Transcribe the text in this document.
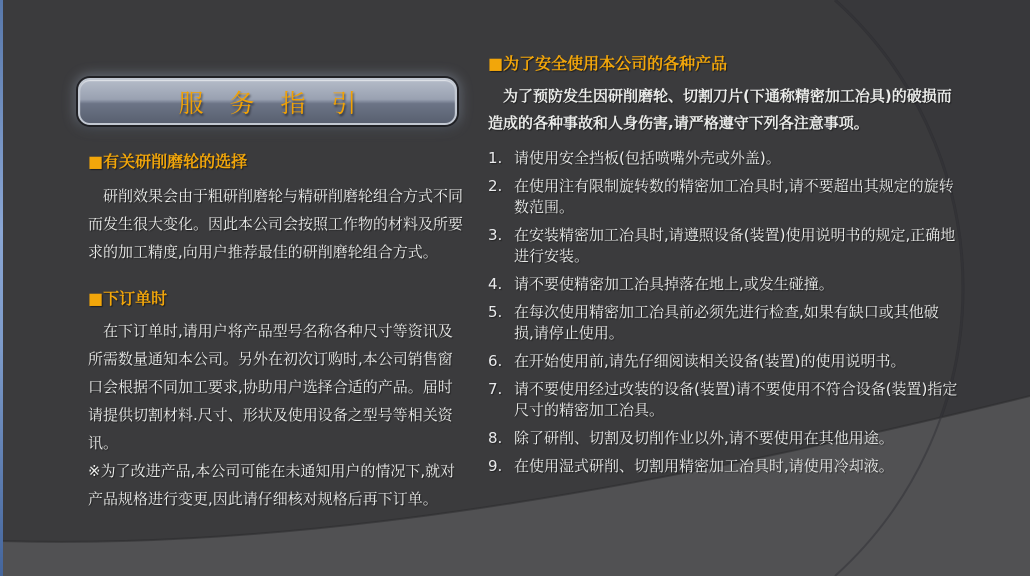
服 务 指 引
■有关研削磨轮的选择

研削效果会由于粗研削磨轮与精研削磨轮组合方式不同而发生很大变化。因此本公司会按照工作物的材料及所要求的加工精度,向用户推荐最佳的研削磨轮组合方式。

■下订单时

在下订单时,请用户将产品型号名称各种尺寸等资讯及所需数量通知本公司。另外在初次订购时,本公司销售窗口会根据不同加工要求,协助用户选择合适的产品。届时请提供切割材料.尺寸、形状及使用设备之型号等相关资讯。

※为了改进产品,本公司可能在未通知用户的情况下,就对产品规格进行变更,因此请仔细核对规格后再下订单。

■为了安全使用本公司的各种产品

为了预防发生因研削磨轮、切割刀片(下通称精密加工冶具)的破损而造成的各种事故和人身伤害,请严格遵守下列各注意事项。

1. 请使用安全挡板(包括喷嘴外壳或外盖)。
2. 在使用注有限制旋转数的精密加工冶具时,请不要超出其规定的旋转数范围。
3. 在安装精密加工冶具时,请遵照设备(装置)使用说明书的规定,正确地进行安装。
4. 请不要使精密加工冶具掉落在地上,或发生碰撞。
5. 在每次使用精密加工冶具前必须先进行检查,如果有缺口或其他破损,请停止使用。
6. 在开始使用前,请先仔细阅读相关设备(装置)的使用说明书。
7. 请不要使用经过改装的设备(装置)请不要使用不符合设备(装置)指定尺寸的精密加工冶具。
8. 除了研削、切割及切削作业以外,请不要使用在其他用途。
9. 在使用湿式研削、切割用精密加工冶具时,请使用冷却液。
